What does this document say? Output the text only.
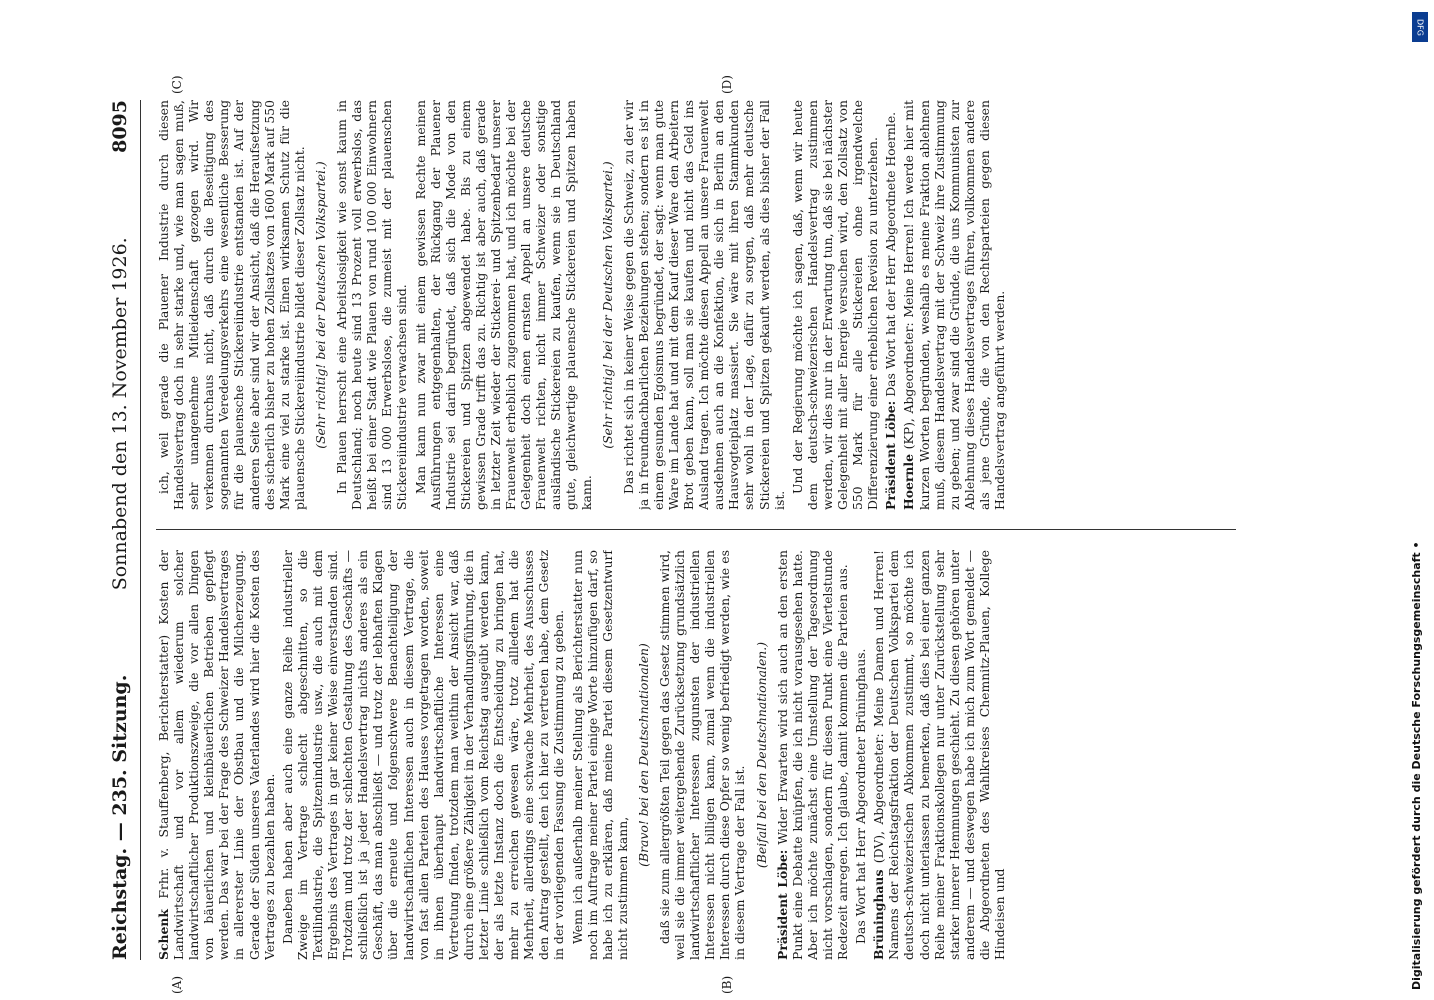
Reichstag. — 235. Sitzung.
Sonnabend den 13. November 1926.
8095
(A)	(B)
(C)	(D)

Schenk Frhr. v. Stauffenberg, Berichterstatter) Kosten der Landwirtschaft und vor allem wiederum solcher landwirtschaftlicher Produktionszweige, die vor allen Dingen von bäuerlichen und kleinbäuerlichen Betrieben gepflegt werden. Das war bei der Frage des Schweizer Handelsvertrages in allererster Linie der Obstbau und die Milcherzeugung. Gerade der Süden unseres Vaterlandes wird hier die Kosten des Vertrages zu bezahlen haben. Daneben haben aber auch eine ganze Reihe industrieller Zweige im Vertrage schlecht abgeschnitten, so die Textilindustrie, die Spitzenindustrie usw., die auch mit dem Ergebnis des Vertrages in gar keiner Weise einverstanden sind. Trotzdem und trotz der schlechten Gestaltung des Geschäfts — schließlich ist ja jeder Handelsvertrag nichts anderes als ein Geschäft, das man abschließt — und trotz der lebhaften Klagen über die erneute und folgenschwere Benachteiligung der landwirtschaftlichen Interessen auch in diesem Vertrage, die von fast allen Parteien des Hauses vorgetragen worden, soweit in ihnen überhaupt landwirtschaftliche Interessen eine Vertretung finden, trotzdem man weithin der Ansicht war, daß durch eine größere Zähigkeit in der Verhandlungsführung, die in letzter Linie schließlich vom Reichstag ausgeübt werden kann, der als letzte Instanz doch die Entscheidung zu bringen hat, mehr zu erreichen gewesen wäre, trotz allledem hat die Mehrheit, allerdings eine schwache Mehrheit, des Ausschusses den Antrag gestellt, den ich hier zu vertreten habe, dem Gesetz in der vorliegenden Fassung die Zustimmung zu geben. Wenn ich außerhalb meiner Stellung als Berichterstatter nun noch im Auftrage meiner Partei einige Worte hinzufügen darf, so habe ich zu erklären, daß meine Partei diesem Gesetzentwurf nicht zustimmen kann,

(Bravo! bei den Deutschnationalen) daß sie zum allergrößten Teil gegen das Gesetz stimmen wird, weil sie die immer weitergehende Zurücksetzung grundsätzlich landwirtschaftlicher Interessen zugunsten der industriellen Interessen nicht billigen kann, zumal wenn die industriellen Interessen durch diese Opfer so wenig befriedigt werden, wie es in diesem Vertrage der Fall ist. (Beifall bei den Deutschnationalen.)

Präsident Löbe: Wider Erwarten wird sich auch an den ersten Punkt eine Debatte knüpfen, die ich nicht vorausgesehen hatte. Aber ich möchte zunächst eine Umstellung der Tagesordnung nicht vorschlagen, sondern für diesen Punkt eine Viertelstunde Redezeit anregen. Ich glaube, damit kommen die Parteien aus. Das Wort hat Herr Abgeordneter Brüninghaus. Brüninghaus (DV), Abgeordneter: Meine Damen und Herren! Namens der Reichstagsfraktion der Deutschen Volkspartei dem deutsch-schweizerischen Abkommen zustimmt, so möchte ich doch nicht unterlassen zu bemerken, daß dies bei einer ganzen Reihe meiner Fraktionskollegen nur unter Zurückstellung sehr starker innerer Hemmungen geschieht. Zu diesen gehören unter anderem — und deswegen habe ich mich zum Wort gemeldet — die Abgeordneten des Wahlkreises Chemnitz-Plauen, Kollege Hindeisen und

ich, weil gerade die Plauener Industrie durch diesen Handelsvertrag doch in sehr starke und, wie man sagen muß, sehr unangenehme Mitleidenschaft gezogen wird. Wir verkennen durchaus nicht, daß durch die Beseitigung des sogenannten Veredelungsverkehrs eine wesentliche Besserung für die plauensche Stickereiindustrie entstanden ist. Auf der anderen Seite aber sind wir der Ansicht, daß die Heraufsetzung des sicherlich bisher zu hohen Zollsatzes von 1600 Mark auf 550 Mark eine viel zu starke ist. Einen wirksamen Schutz für die plauensche Stickereiindustrie bildet dieser Zollsatz nicht. (Sehr richtig! bei der Deutschen Volkspartei.) In Plauen herrscht eine Arbeitslosigkeit wie sonst kaum in Deutschland; noch heute sind 13 Prozent voll erwerbslos, das heißt bei einer Stadt wie Plauen von rund 100 000 Einwohnern sind 13 000 Erwerbslose, die zumeist mit der plauenschen Stickereiindustrie verwachsen sind. Man kann nun zwar mit einem gewissen Rechte meinen Ausführungen entgegenhalten, der Rückgang der Plauener Industrie sei darin begründet, daß sich die Mode von den Stickereien und Spitzen abgewendet habe. Bis zu einem gewissen Grade trifft das zu. Richtig ist aber auch, daß gerade in letzter Zeit wieder der Stickerei- und Spitzenbedarf unserer Frauenwelt erheblich zugenommen hat, und ich möchte bei der Gelegenheit doch einen ernsten Appell an unsere deutsche Frauenwelt richten, nicht immer Schweizer oder sonstige ausländische Stickereien zu kaufen, wenn sie in Deutschland gute, gleichwertige plauensche Stickereien und Spitzen haben kann.

(Sehr richtig! bei der Deutschen Volkspartei.) Das richtet sich in keiner Weise gegen die Schweiz, zu der wir ja in freundnachbarlichen Beziehungen stehen; sondern es ist in einem gesunden Egoismus begründet, der sagt: wenn man gute Ware im Lande hat und mit dem Kauf dieser Ware den Arbeitern Brot geben kann, soll man sie kaufen und nicht das Geld ins Ausland tragen. Ich möchte diesen Appell an unsere Frauenwelt ausdehnen auch an die Konfektion, die sich in Berlin an den Hausvogteiplatz massiert. Sie wäre mit ihren Stammkunden sehr wohl in der Lage, dafür zu sorgen, daß mehr deutsche Stickereien und Spitzen gekauft werden, als dies bisher der Fall ist.

Und der Regierung möchte ich sagen, daß, wenn wir heute dem deutsch-schweizerischen Handelsvertrag zustimmen werden, wir dies nur in der Erwartung tun, daß sie bei nächster Gelegenheit mit aller Energie versuchen wird, den Zollsatz von 550 Mark für alle Stickereien ohne irgendwelche Differenzierung einer erheblichen Revision zu unterziehen. Präsident Löbe: Das Wort hat der Herr Abgeordnete Hoernle.

Hoernle (KP), Abgeordneter: Meine Herren! Ich werde hier mit kurzen Worten begründen, weshalb es meine Fraktion ablehnen muß, diesem Handelsvertrag mit der Schweiz ihre Zustimmung zu geben; und zwar sind die Gründe, die uns Kommunisten zur Ablehnung dieses Handelsvertrages führen, vollkommen andere als jene Gründe, die von den Rechtsparteien gegen diesen Handelsvertrag angeführt werden.

DFG
Digitalisierung gefördert durch die Deutsche Forschungsgemeinschaft •
